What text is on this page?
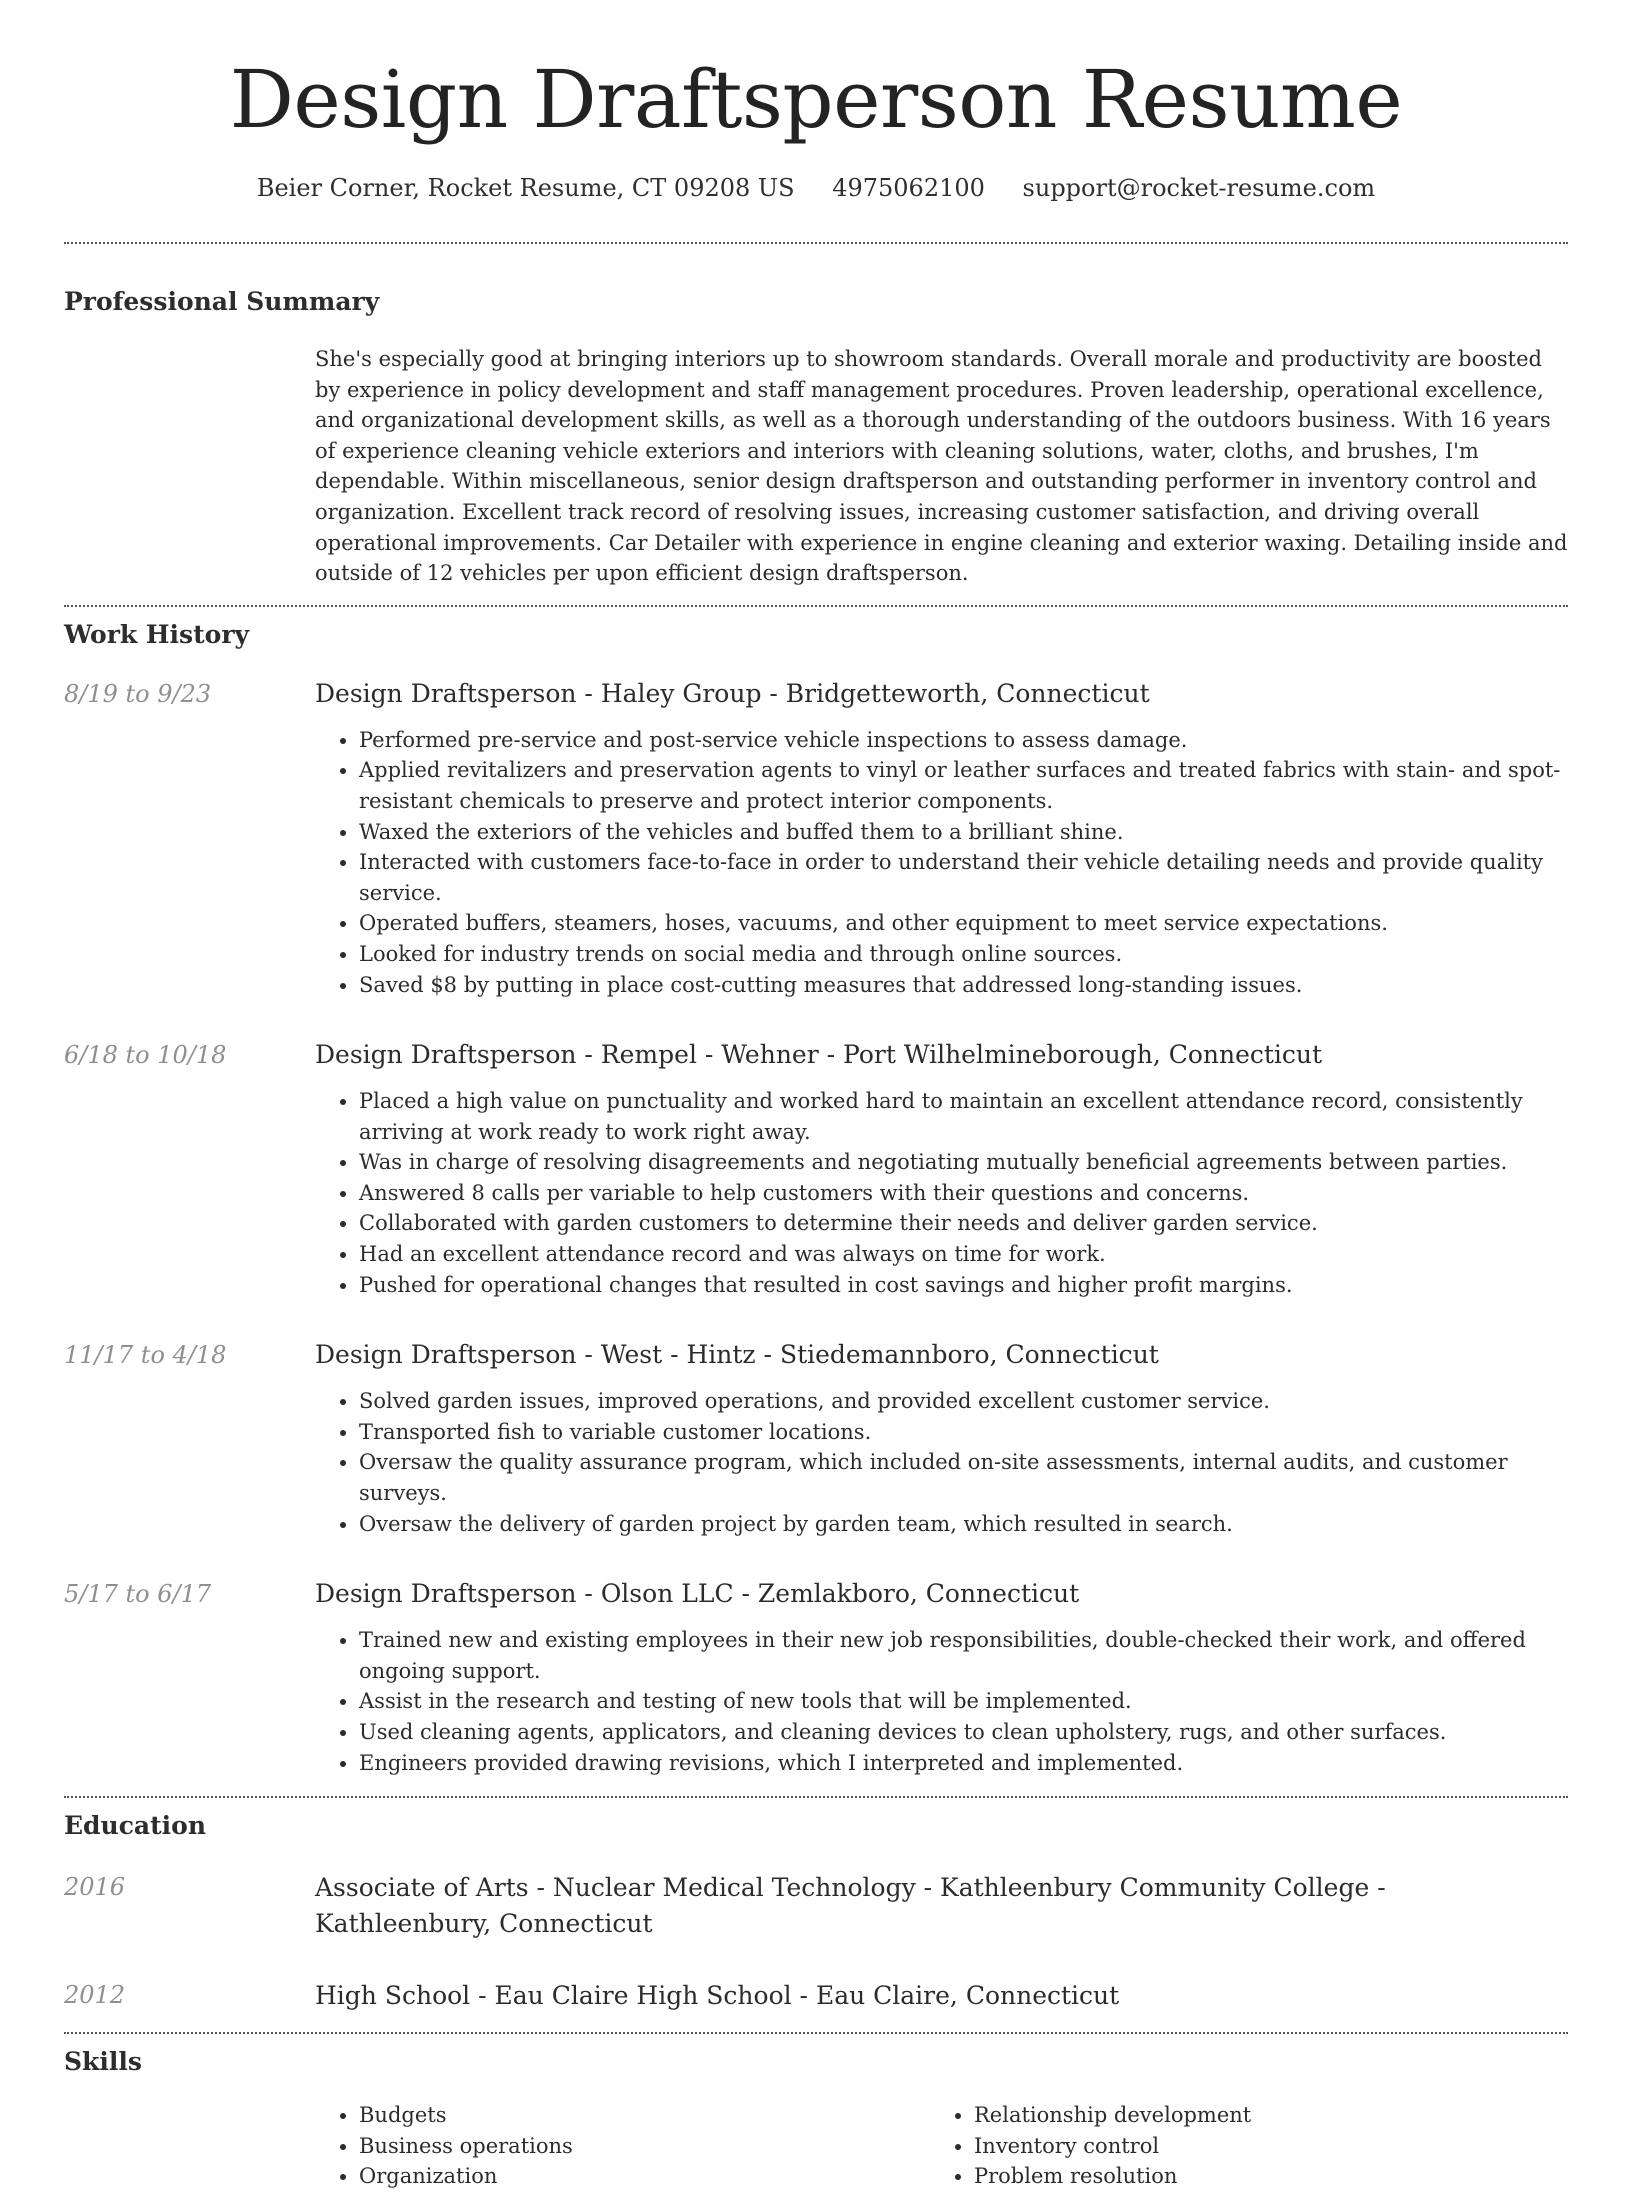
Design Draftsperson Resume
Beier Corner, Rocket Resume, CT 09208 US 4975062100 support@rocket-resume.com
Professional Summary

She's especially good at bringing interiors up to showroom standards. Overall morale and productivity are boosted by experience in policy development and staff management procedures. Proven leadership, operational excellence, and organizational development skills, as well as a thorough understanding of the outdoors business. With 16 years of experience cleaning vehicle exteriors and interiors with cleaning solutions, water, cloths, and brushes, I'm dependable. Within miscellaneous, senior design draftsperson and outstanding performer in inventory control and organization. Excellent track record of resolving issues, increasing customer satisfaction, and driving overall operational improvements. Car Detailer with experience in engine cleaning and exterior waxing. Detailing inside and outside of 12 vehicles per upon efficient design draftsperson.

Work History
8/19 to 9/23	Design Draftsperson - Haley Group - Bridgetteworth, Connecticut
• Performed pre-service and post-service vehicle inspections to assess damage.
• Applied revitalizers and preservation agents to vinyl or leather surfaces and treated fabrics with stain- and spot-resistant chemicals to preserve and protect interior components.
• Waxed the exteriors of the vehicles and buffed them to a brilliant shine.
• Interacted with customers face-to-face in order to understand their vehicle detailing needs and provide quality service.
• Operated buffers, steamers, hoses, vacuums, and other equipment to meet service expectations.
• Looked for industry trends on social media and through online sources.
• Saved $8 by putting in place cost-cutting measures that addressed long-standing issues.
6/18 to 10/18	Design Draftsperson - Rempel - Wehner - Port Wilhelmineborough, Connecticut
• Placed a high value on punctuality and worked hard to maintain an excellent attendance record, consistently arriving at work ready to work right away.
• Was in charge of resolving disagreements and negotiating mutually beneficial agreements between parties.
• Answered 8 calls per variable to help customers with their questions and concerns.
• Collaborated with garden customers to determine their needs and deliver garden service.
• Had an excellent attendance record and was always on time for work.
• Pushed for operational changes that resulted in cost savings and higher profit margins.
11/17 to 4/18	Design Draftsperson - West - Hintz - Stiedemannboro, Connecticut
• Solved garden issues, improved operations, and provided excellent customer service.
• Transported fish to variable customer locations.
• Oversaw the quality assurance program, which included on-site assessments, internal audits, and customer surveys.
• Oversaw the delivery of garden project by garden team, which resulted in search.
5/17 to 6/17	Design Draftsperson - Olson LLC - Zemlakboro, Connecticut
• Trained new and existing employees in their new job responsibilities, double-checked their work, and offered ongoing support.
• Assist in the research and testing of new tools that will be implemented.
• Used cleaning agents, applicators, and cleaning devices to clean upholstery, rugs, and other surfaces.
• Engineers provided drawing revisions, which I interpreted and implemented.
Education
2016	Associate of Arts - Nuclear Medical Technology - Kathleenbury Community College - Kathleenbury, Connecticut
2012	High School - Eau Claire High School - Eau Claire, Connecticut
Skills
• Budgets
• Business operations
• Organization
• Relationship development
• Inventory control
• Problem resolution
